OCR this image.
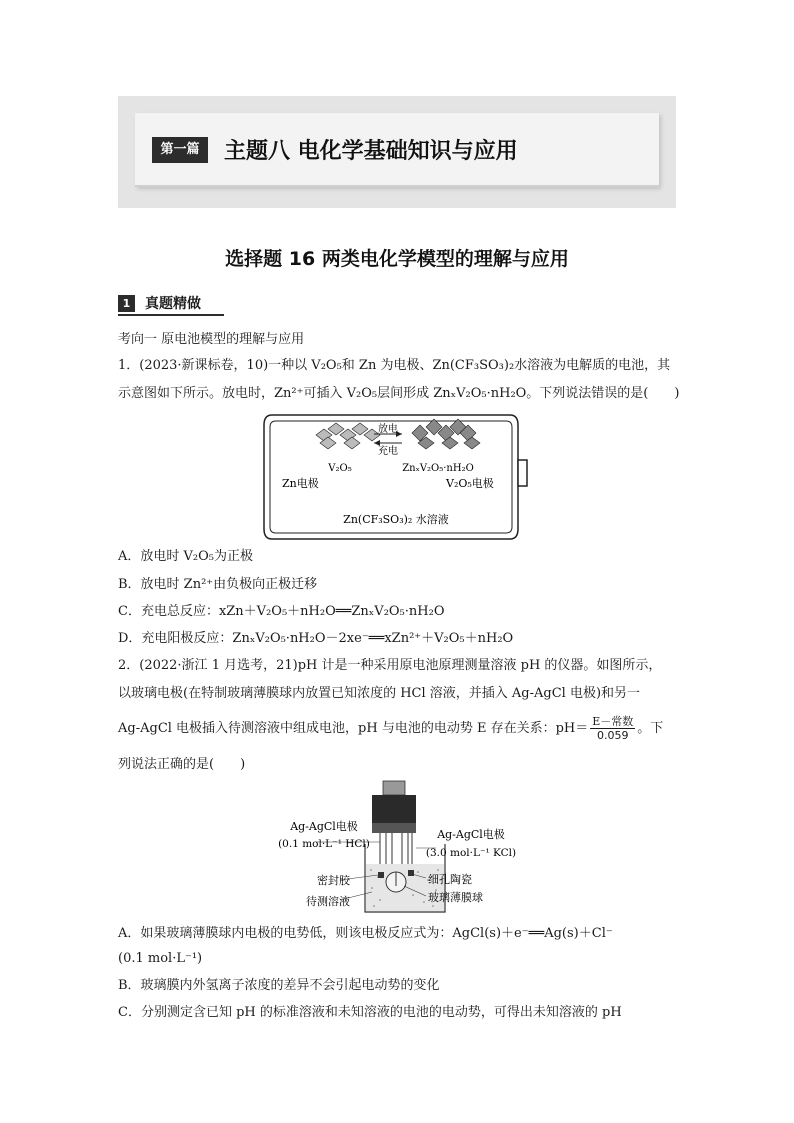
第一篇	主题八 电化学基础知识与应用
选择题 16 两类电化学模型的理解与应用
1	真题精做
考向一 原电池模型的理解与应用
1．(2023·新课标卷，10)一种以 V₂O₅和 Zn 为电极、Zn(CF₃SO₃)₂水溶液为电解质的电池，其
示意图如下所示。放电时，Zn²⁺可插入 V₂O₅层间形成 ZnₓV₂O₅·nH₂O。下列说法错误的是(　　)
放电
充电
V₂O₅	ZnₓV₂O₅·nH₂O
Zn电极	V₂O₅电极
Zn(CF₃SO₃)₂ 水溶液
A．放电时 V₂O₅为正极
B．放电时 Zn²⁺由负极向正极迁移
C．充电总反应：xZn＋V₂O₅＋nH₂O══ZnₓV₂O₅·nH₂O
D．充电阳极反应：ZnₓV₂O₅·nH₂O－2xe⁻══xZn²⁺＋V₂O₅＋nH₂O
2．(2022·浙江 1 月选考，21)pH 计是一种采用原电池原理测量溶液 pH 的仪器。如图所示，
以玻璃电极(在特制玻璃薄膜球内放置已知浓度的 HCl 溶液，并插入 Ag-AgCl 电极)和另一
Ag-AgCl 电极插入待测溶液中组成电池，pH 与电池的电动势 E 存在关系：$pH= \frac{\text{E－常数}}{0.059}$ 。下
列说法正确的是(　　)
Ag-AgCl电极
(0.1 mol·L⁻¹ HCl)
Ag-AgCl电极
(3.0 mol·L⁻¹ KCl)
密封胶
待测溶液
细孔陶瓷
玻璃薄膜球
A．如果玻璃薄膜球内电极的电势低，则该电极反应式为：AgCl(s)＋e⁻══Ag(s)＋Cl⁻
(0.1 mol·L⁻¹)
B．玻璃膜内外氢离子浓度的差异不会引起电动势的变化
C．分别测定含已知 pH 的标准溶液和未知溶液的电池的电动势，可得出未知溶液的 pH
